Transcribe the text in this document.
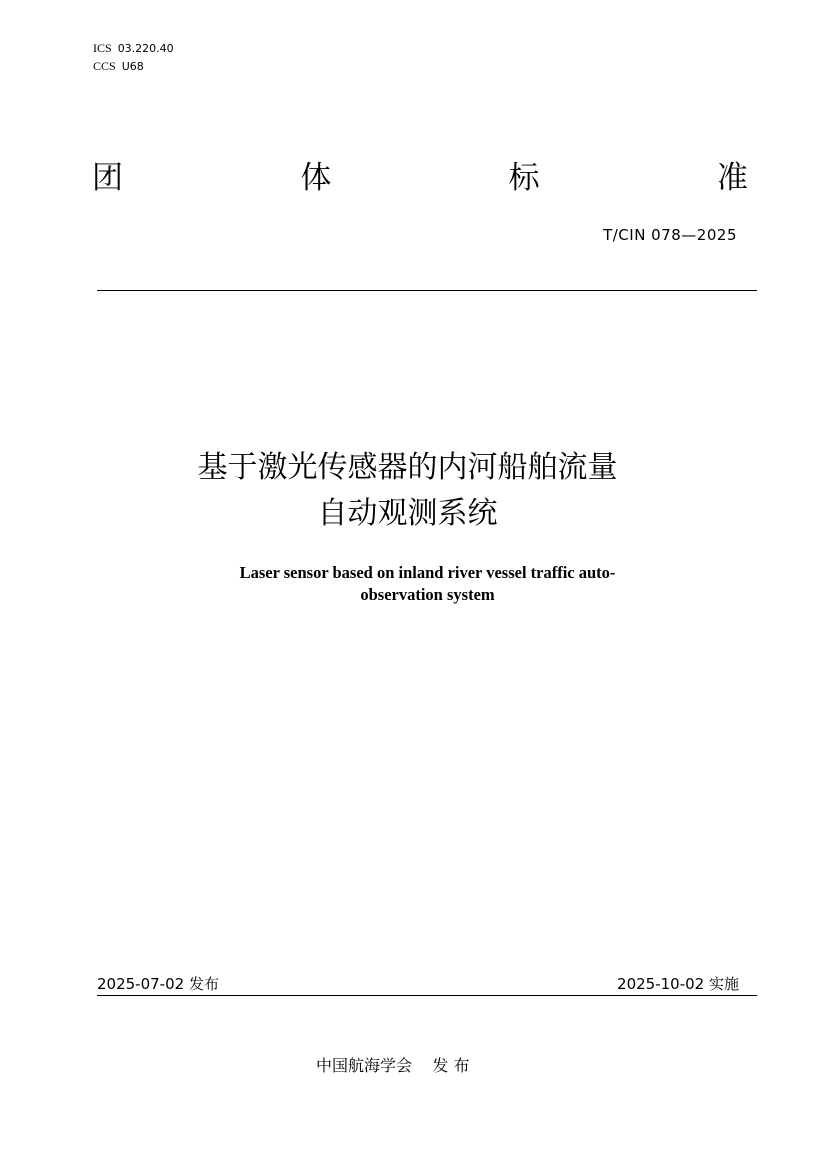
ICS 03.220.40
CCS U68
团	体	标	准
T/CIN 078—2025
基于激光传感器的内河船舶流量
自动观测系统
Laser sensor based on inland river vessel traffic auto-
observation system
2025-07-02 发布	2025-10-02 实施
中国航海学会 发 布
